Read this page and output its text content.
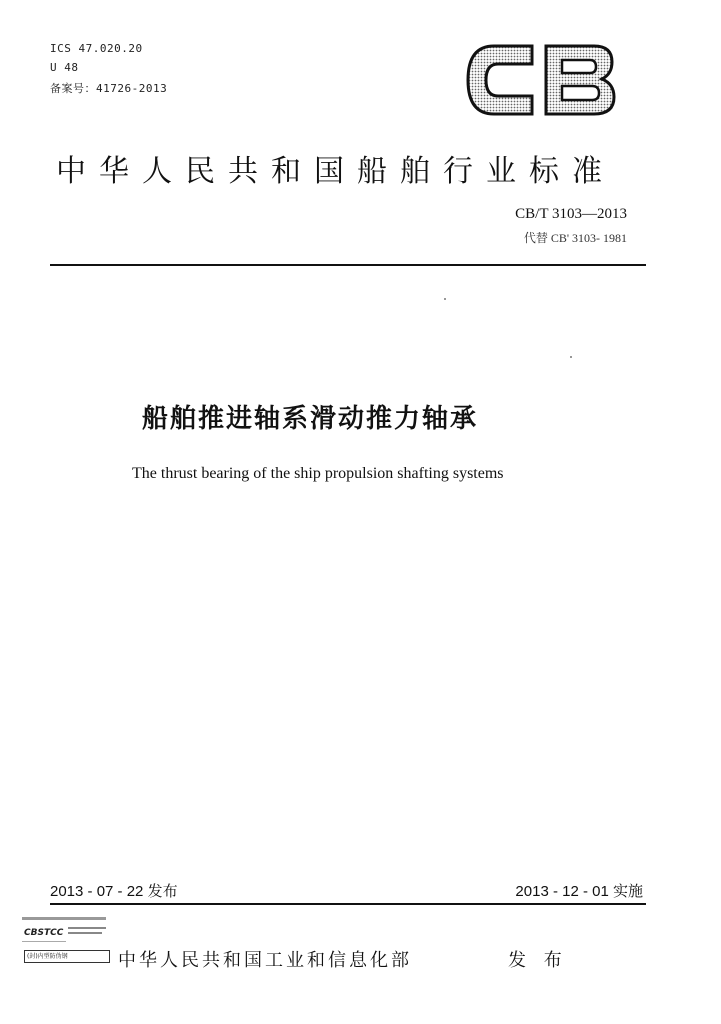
ICS 47.020.20
U 48
备案号：41726-2013
中华人民共和国船舶行业标准
CB/T 3103—2013
代替 CB' 3103- 1981
船舶推进轴系滑动推力轴承
The thrust bearing of the ship propulsion shafting systems
2013 - 07 - 22 发布	2013 - 12 - 01 实施
CBSTCC
(封)内型防伪钢	中华人民共和国工业和信息化部	发 布
